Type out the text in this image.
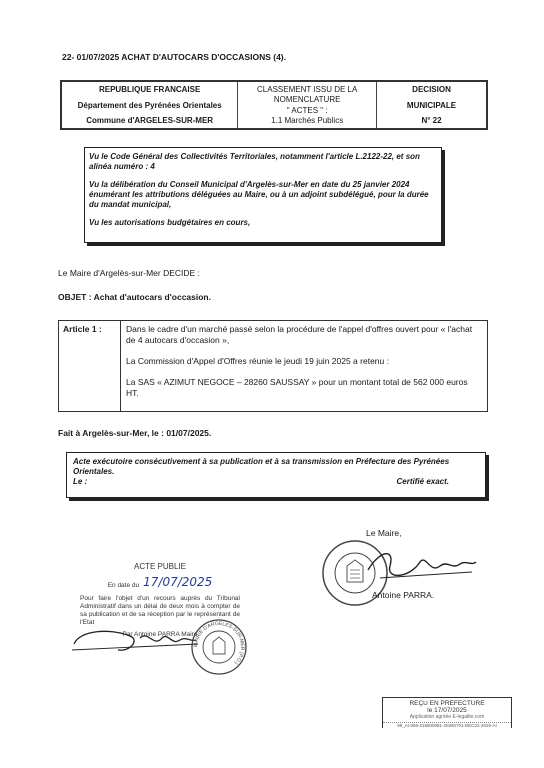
22- 01/07/2025 ACHAT D'AUTOCARS D'OCCASIONS (4).
REPUBLIQUE FRANCAISE
Département des Pyrénées Orientales
Commune d'ARGELES-SUR-MER
CLASSEMENT ISSU DE LA
NOMENCLATURE
" ACTES " :
1.1 Marchés Publics
DECISION
MUNICIPALE
N° 22

Vu le Code Général des Collectivités Territoriales, notamment l'article L.2122-22, et son alinéa numéro : 4

Vu la délibération du Conseil Municipal d'Argelès-sur-Mer en date du 25 janvier 2024 énumérant les attributions déléguées au Maire, ou à un adjoint subdélégué, pour la durée du mandat municipal,

Vu les autorisations budgétaires en cours,

Le Maire d'Argelès-sur-Mer DECIDE :
OBJET : Achat d'autocars d'occasion.
Article 1 :	Dans le cadre d'un marché passé selon la procédure de l'appel d'offres ouvert pour « l'achat de 4 autocars d'occasion »,

La Commission d'Appel d'Offres réunie le jeudi 19 juin 2025 a retenu :

La SAS « AZIMUT NEGOCE – 28260 SAUSSAY » pour un montant total de 562 000 euros HT.

Fait à Argelès-sur-Mer, le : 01/07/2025.
Acte exécutoire consécutivement à sa publication et à sa transmission en Préfecture des Pyrénées Orientales.
Le :	Certifié exact.
Le Maire,
Antoine PARRA.
ACTE PUBLIE
En date du 17/07/2025
Pour faire l'objet d'un recours auprès du Tribunal Administratif dans un délai de deux mois à compter de sa publication et de sa réception par le représentant de l'Etat
Par Antoine PARRA Maire
MAIRIE D'ARGELES-SUR-MER (P.O.)
REÇU EN PREFECTURE
le 17/07/2025
Application agréée E-legalite.com
99_AI-066-216600081-20250701-DEC22-2025-AI
